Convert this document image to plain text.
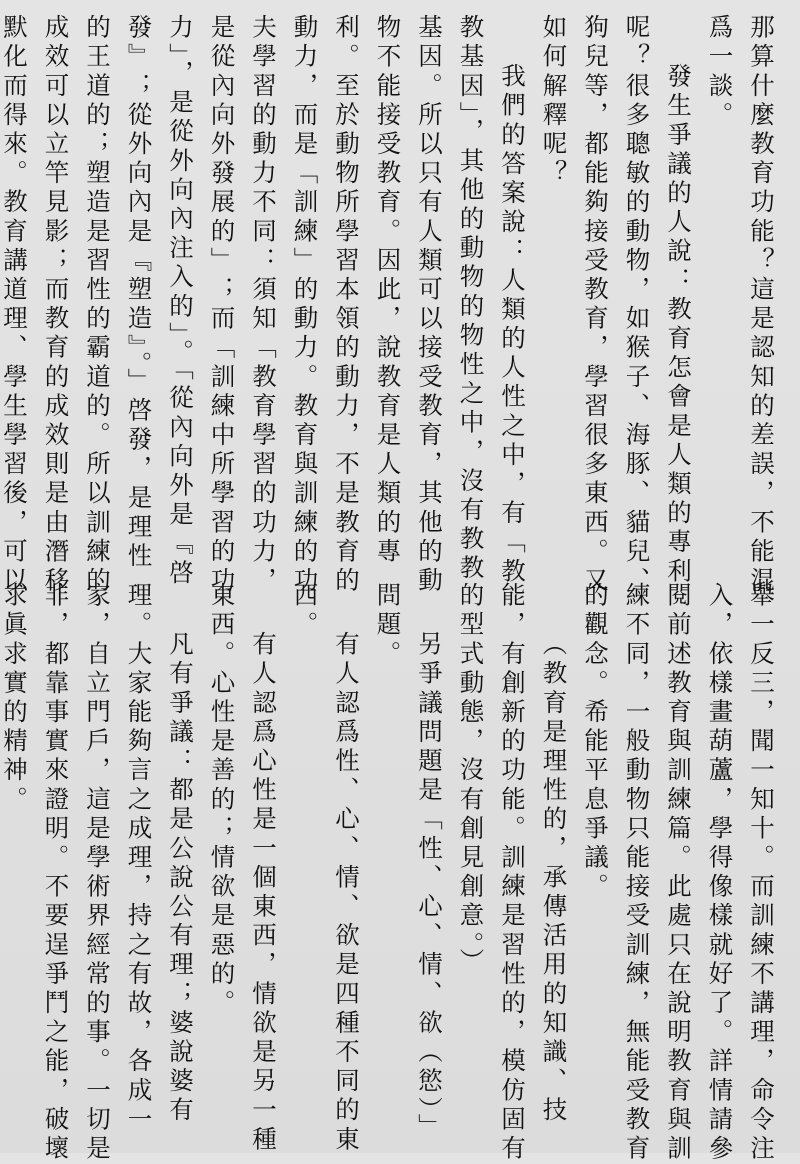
那算什麼教育功能？這是認知的差誤，不能混

爲一談。

發生爭議的人說：教育怎會是人類的專利

呢？很多聰敏的動物，如猴子、海豚、貓兒、

狗兒等，都能夠接受教育，學習很多東西。又

如何解釋呢？

我們的答案說：人類的人性之中，有「教

教基因」，其他的動物的物性之中，沒有教教

基因。所以只有人類可以接受教育，其他的動

物不能接受教育。因此，說教育是人類的專

利。至於動物所學習本領的動力，不是教育的

動力，而是「訓練」的動力。教育與訓練的功

夫學習的動力不同：須知「教育學習的功力，

是從內向外發展的」；而「訓練中所學習的功

力」，是從外向內注入的」。「從內向外是『啓

發』；從外向內是『塑造』。」啓發，是理性

的王道的；塑造是習性的霸道的。所以訓練的

成效可以立竿見影；而教育的成效則是由潛移

默化而得來。教育講道理、學生學習後，可以

舉一反三，聞一知十。而訓練不講理，命令注

入，依樣畫葫蘆，學得像樣就好了。詳情請參

閱前述教育與訓練篇。此處只在說明教育與訓

練不同，一般動物只能接受訓練，無能受教育

的觀念。希能平息爭議。

（教育是理性的，承傳活用的知識、技

能，有創新的功能。訓練是習性的，模仿固有

的型式動態，沒有創見創意。）

另爭議問題是「性、心、情、欲（慾）」

問題。

有人認爲性、心、情、欲是四種不同的東

西。

有人認爲心性是一個東西，情欲是另一種

東西。心性是善的；情欲是惡的。

凡有爭議：都是公說公有理；婆說婆有

理。大家能夠言之成理，持之有故，各成一

家，自立門戶，這是學術界經常的事。一切是

非，都靠事實來證明。不要逞爭鬥之能，破壞

求眞求實的精神。
